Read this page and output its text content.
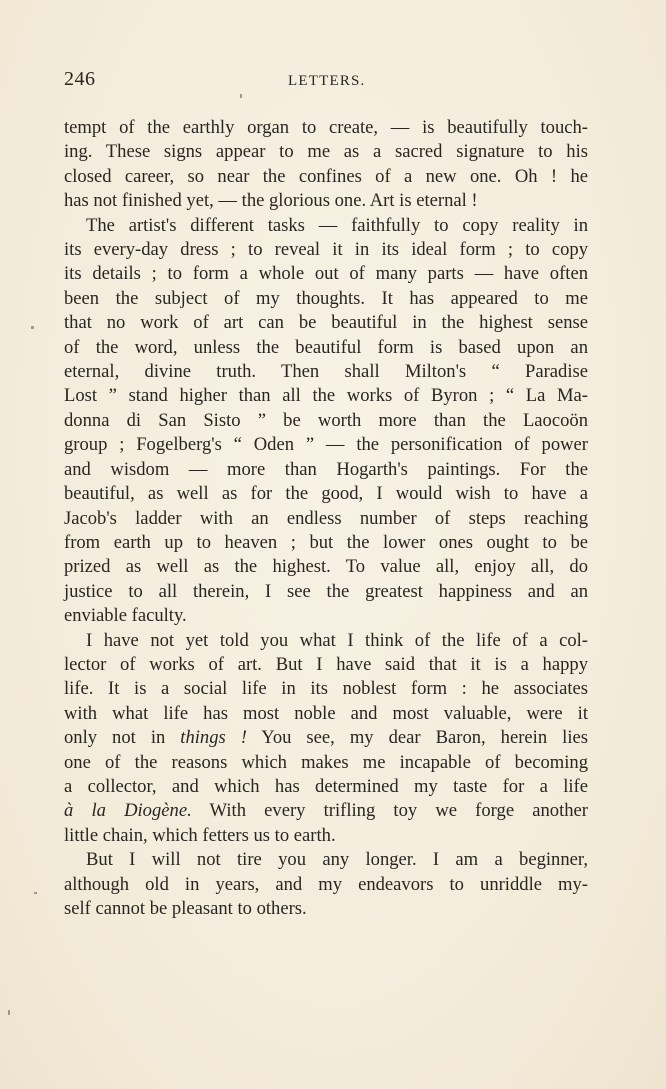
246	LETTERS.
tempt of the earthly organ to create, — is beautifully touch-
ing. These signs appear to me as a sacred signature to his
closed career, so near the confines of a new one. Oh ! he
has not finished yet, — the glorious one. Art is eternal !
The artist's different tasks — faithfully to copy reality in
its every-day dress ; to reveal it in its ideal form ; to copy
its details ; to form a whole out of many parts — have often
been the subject of my thoughts. It has appeared to me
that no work of art can be beautiful in the highest sense
of the word, unless the beautiful form is based upon an
eternal, divine truth. Then shall Milton's “ Paradise
Lost ” stand higher than all the works of Byron ; “ La Ma-
donna di San Sisto ” be worth more than the Laocoön
group ; Fogelberg's “ Oden ” — the personification of power
and wisdom — more than Hogarth's paintings. For the
beautiful, as well as for the good, I would wish to have a
Jacob's ladder with an endless number of steps reaching
from earth up to heaven ; but the lower ones ought to be
prized as well as the highest. To value all, enjoy all, do
justice to all therein, I see the greatest happiness and an
enviable faculty.
I have not yet told you what I think of the life of a col-
lector of works of art. But I have said that it is a happy
life. It is a social life in its noblest form : he associates
with what life has most noble and most valuable, were it
only not in things ! You see, my dear Baron, herein lies
one of the reasons which makes me incapable of becoming
a collector, and which has determined my taste for a life
à la Diogène. With every trifling toy we forge another
little chain, which fetters us to earth.
But I will not tire you any longer. I am a beginner,
although old in years, and my endeavors to unriddle my-
self cannot be pleasant to others.
